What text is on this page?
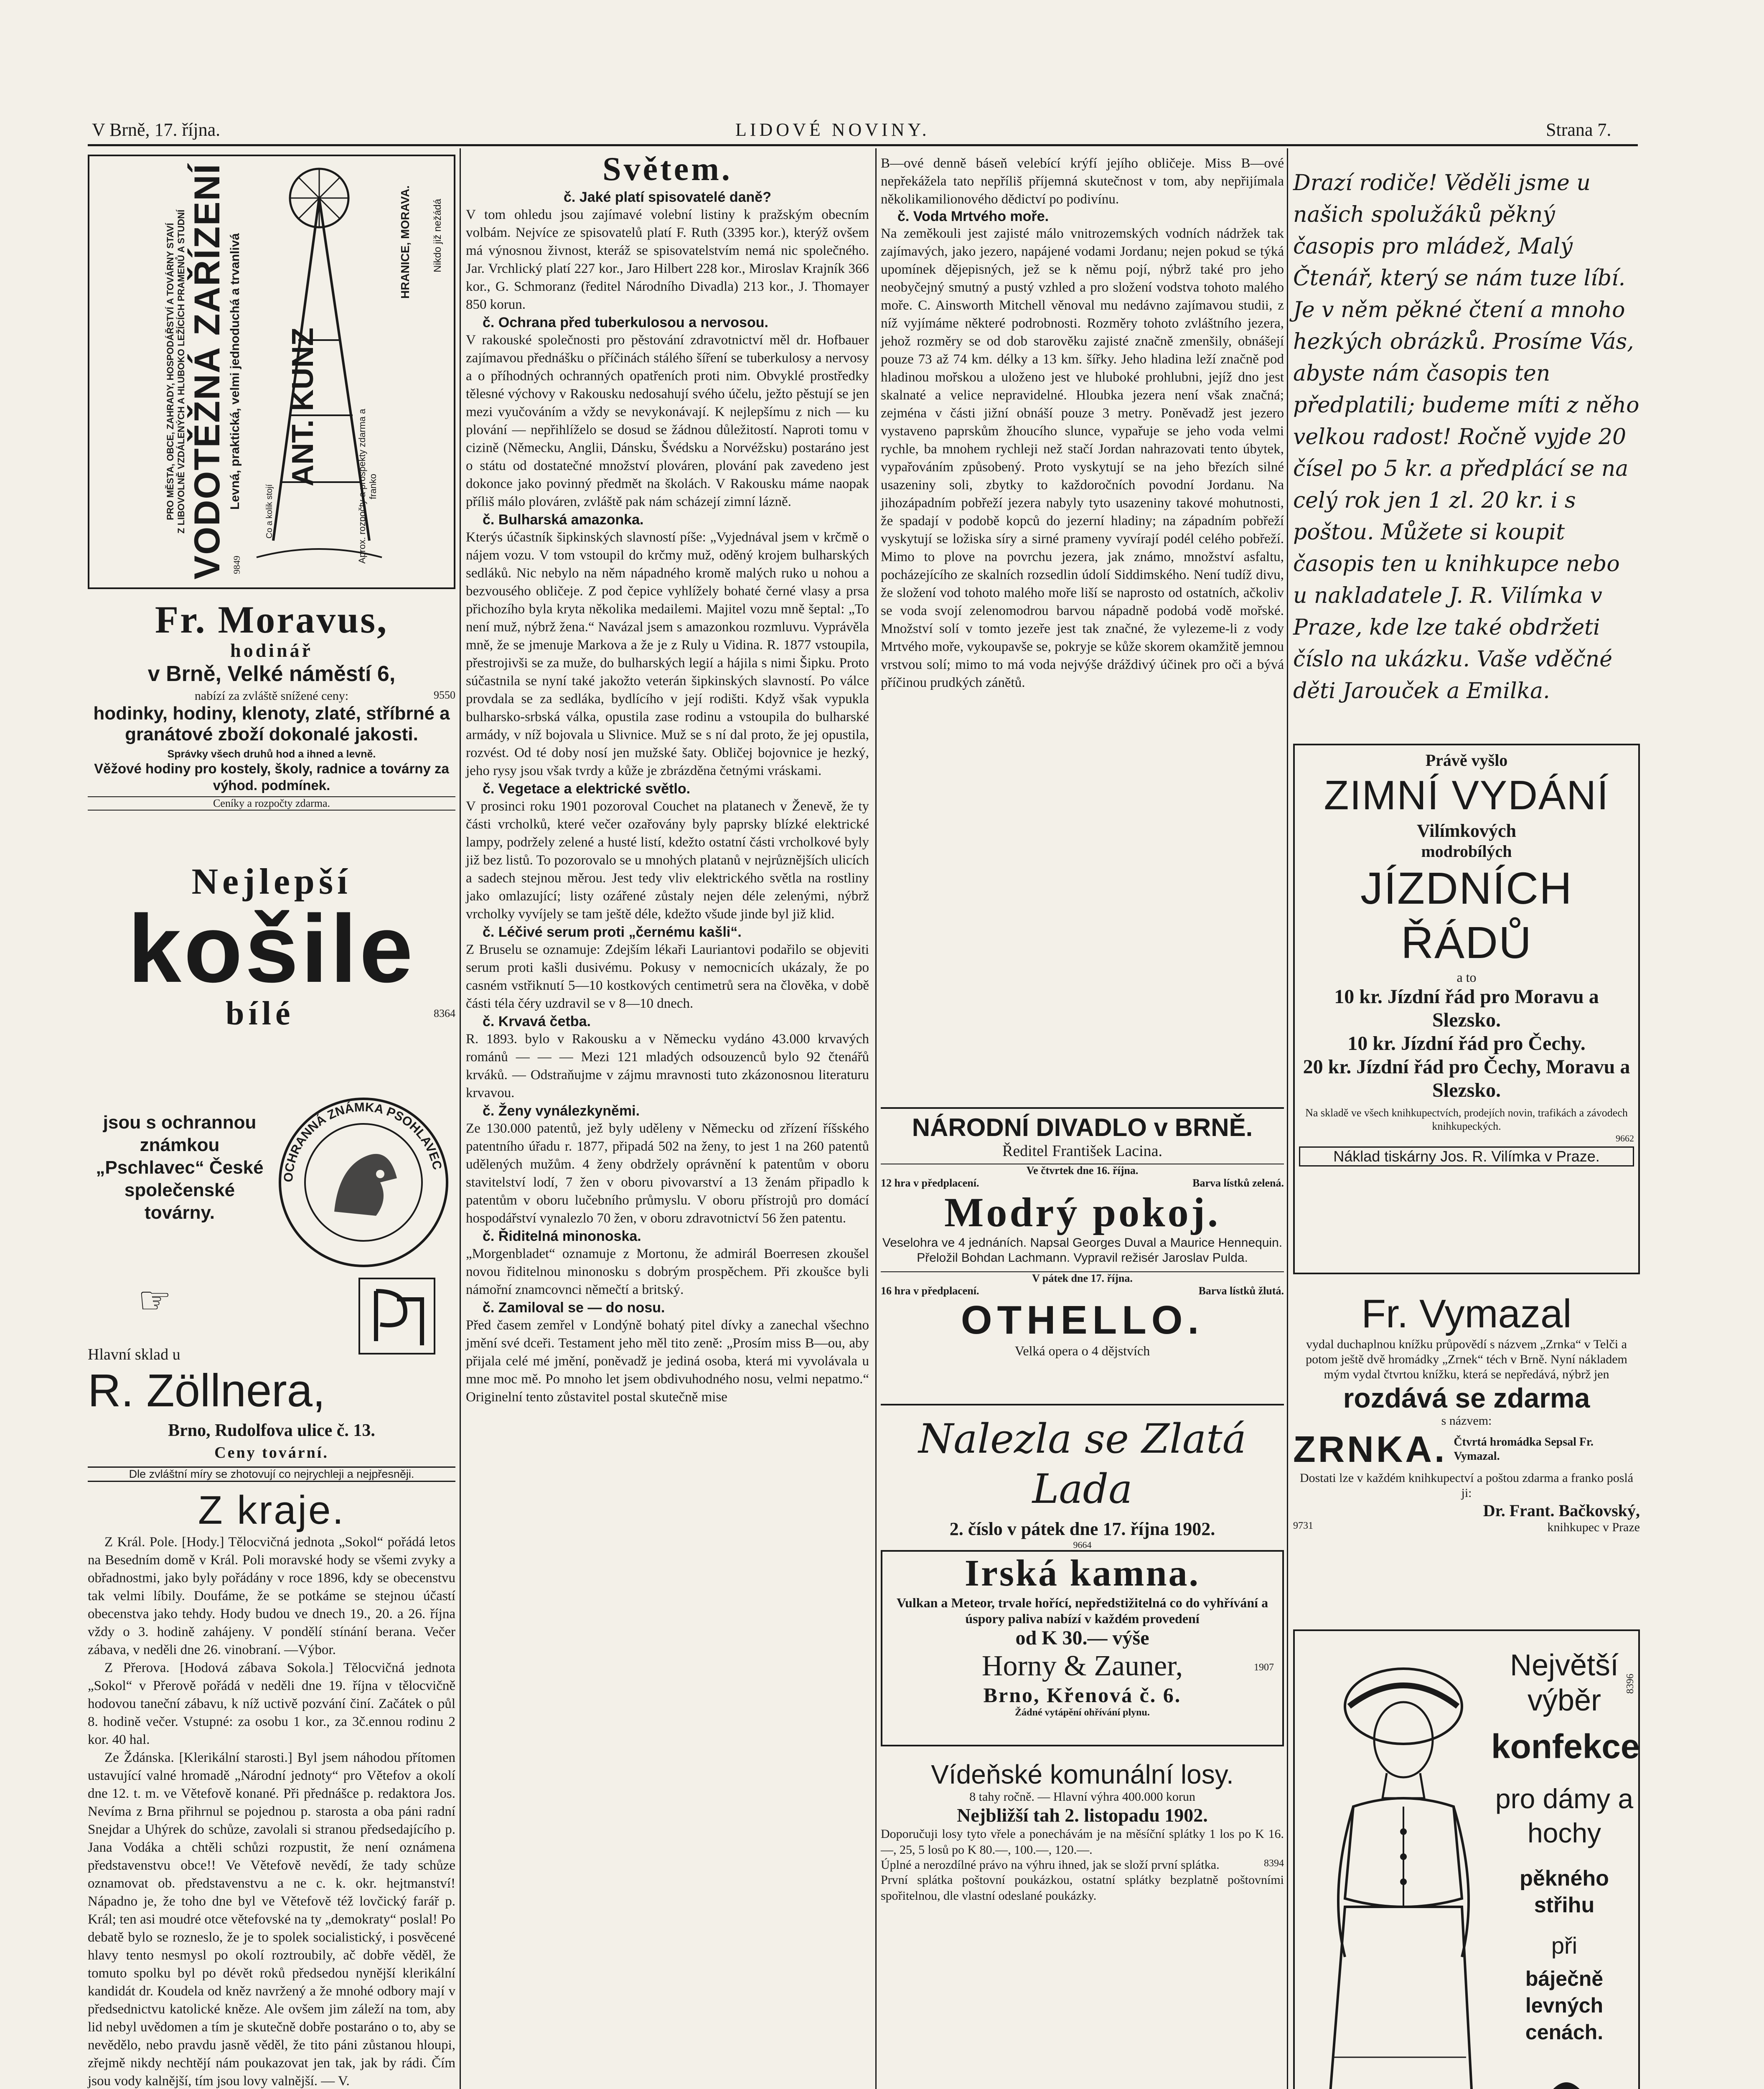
V Brně, 17. října.	LIDOVÉ NOVINY.	Strana 7.
Levná, praktická, velmi jednoduchá a trvanlivá
VODOTĚŽNÁ ZAŘÍZENÍ
Z LIBOVOLNĚ VZDÁLENÝCH A HLUBOKO LEŽÍCÍCH PRAMENŮ A STUDNÍ
PRO MĚSTA, OBCE, ZAHRADY, HOSPODÁŘSTVÍ A TOVÁRNY STAVÍ	ANT. KUNZ
HRANICE, MORAVA. Nikdo již nežádá
Co a kolik stojí	Aprox. rozpočty a prospekty zdarma a franko
9849
Fr. Moravus,
hodinář
v Brně, Velké náměstí 6,
nabízí za zvláště snížené ceny:	9550
hodinky, hodiny, klenoty, zlaté, stříbrné a granátové zboží dokonalé jakosti.
Správky všech druhů hod a ihned a levně.
Věžové hodiny pro kostely, školy, radnice a továrny za výhod. podmínek.
Ceníky a rozpočty zdarma.
Nejlepší
košile
bílé	8364
jsou s ochrannou známkou „Pschlavec“ České společenské továrny.
OCHRANNÁ ZNÁMKA PSOHLAVEC
☞
Hlavní sklad u
R. Zöllnera,
Brno, Rudolfova ulice č. 13.
Ceny tovární.
Dle zvláštní míry se zhotovují co nejrychleji a nejpřesněji.
Z kraje.

Z Král. Pole. [Hody.] Tělocvičná jednota „Sokol“ pořádá letos na Besedním domě v Král. Poli moravské hody se všemi zvyky a obřadnostmi, jako byly pořádány v roce 1896, kdy se obecenstvu tak velmi líbily. Doufáme, že se potkáme se stejnou účastí obecenstva jako tehdy. Hody budou ve dnech 19., 20. a 26. října vždy o 3. hodině zahájeny. V pondělí stínání berana. Večer zábava, v neděli dne 26. vinobraní. —Výbor.

Z Přerova. [Hodová zábava Sokola.] Tělocvičná jednota „Sokol“ v Přerově pořádá v neděli dne 19. října v tělocvičně hodovou taneční zábavu, k níž uctivě pozvání činí. Začátek o půl 8. hodině večer. Vstupné: za osobu 1 kor., za 3č.ennou rodinu 2 kor. 40 hal.

Ze Ždánska. [Klerikální starosti.] Byl jsem náhodou přítomen ustavující valné hromadě „Národní jednoty“ pro Větefov a okolí dne 12. t. m. ve Větefově konané. Při přednášce p. redaktora Jos. Nevíma z Brna přihrnul se pojednou p. starosta a oba páni radní Snejdar a Uhýrek do schůze, zavolali si stranou předsedajícího p. Jana Vodáka a chtěli schůzi rozpustit, že není oznámena představenstvu obce!! Ve Větefově nevědí, že tady schůze oznamovat ob. představenstvu a ne c. k. okr. hejtmanství! Nápadno je, že toho dne byl ve Větefově též lovčický farář p. Král; ten asi moudré otce větefovské na ty „demokraty“ poslal! Po debatě bylo se rozneslo, že je to spolek socialistický, i posvěcené hlavy tento nesmysl po okolí roztroubily, ač dobře věděl, že tomuto spolku byl po dévět roků předsedou nynější klerikální kandidát dr. Koudela od kněz navržený a že mnohé odbory mají v předsednictvu katolické kněze. Ale ovšem jim záleží na tom, aby lid nebyl uvědomen a tím je skutečně dobře postaráno o to, aby se nevědělo, nebo pravdu jasně věděl, že tito páni zůstanou hloupi, zřejmě nikdy nechtějí nám poukazovat jen tak, jak by rádi. Čím jsou vody kalnější, tím jsou lovy valnější. — V.

Světem.
č. Jaké platí spisovatelé daně?

V tom ohledu jsou zajímavé volební listiny k pražským obecním volbám. Nejvíce ze spisovatelů platí F. Ruth (3395 kor.), kterýž ovšem má výnosnou živnost, kteráž se spisovatelstvím nemá nic společného. Jar. Vrchlický platí 227 kor., Jaro Hilbert 228 kor., Miroslav Krajník 366 kor., G. Schmoranz (ředitel Národního Divadla) 213 kor., J. Thomayer 850 korun.

č. Ochrana před tuberkulosou a nervosou.

V rakouské společnosti pro pěstování zdravotnictví měl dr. Hofbauer zajímavou přednášku o příčinách stálého šíření se tuberkulosy a nervosy a o příhodných ochranných opatřeních proti nim. Obvyklé prostředky tělesné výchovy v Rakousku nedosahují svého účelu, ježto pěstují se jen mezi vyučováním a vždy se nevykonávají. K nejlepšímu z nich — ku plování — nepřihlíželo se dosud se žádnou důležitostí. Naproti tomu v cizině (Německu, Anglii, Dánsku, Švédsku a Norvéžsku) postaráno jest o státu od dostatečné množství plováren, plování pak zavedeno jest dokonce jako povinný předmět na školách. V Rakousku máme naopak příliš málo plováren, zvláště pak nám scházejí zimní lázně.

č. Bulharská amazonka.

Kterýs účastník šipkinských slavností píše: „Vyjednával jsem v krčmě o nájem vozu. V tom vstoupil do krčmy muž, oděný krojem bulharských sedláků. Nic nebylo na něm nápadného kromě malých ruko u nohou a bezvousého obličeje. Z pod čepice vyhlížely bohaté černé vlasy a prsa přichozího byla kryta několika medailemi. Majitel vozu mně šeptal: „To není muž, nýbrž žena.“ Navázal jsem s amazonkou rozmluvu. Vyprávěla mně, že se jmenuje Markova a že je z Ruly u Vidina. R. 1877 vstoupila, přestrojivši se za muže, do bulharských legií a hájila s nimi Šipku. Proto súčastnila se nyní také jakožto veterán šipkinských slavností. Po válce provdala se za sedláka, bydlícího v její rodišti. Když však vypukla bulharsko-srbská válka, opustila zase rodinu a vstoupila do bulharské armády, v níž bojovala u Slivnice. Muž se s ní dal proto, že jej opustila, rozvést. Od té doby nosí jen mužské šaty. Obličej bojovnice je hezký, jeho rysy jsou však tvrdy a kůže je zbrázděna četnými vráskami.

č. Vegetace a elektrické světlo.

V prosinci roku 1901 pozoroval Couchet na platanech v Ženevě, že ty části vrcholků, které večer ozařovány byly paprsky blízké elektrické lampy, podržely zelené a husté listí, kdežto ostatní části vrcholkové byly již bez listů. To pozorovalo se u mnohých platanů v nejrůznějších ulicích a sadech stejnou měrou. Jest tedy vliv elektrického světla na rostliny jako omlazující; listy ozářené zůstaly nejen déle zelenými, nýbrž vrcholky vyvíjely se tam ještě déle, kdežto všude jinde byl již klid.

č. Léčivé serum proti „černému kašli“.

Z Bruselu se oznamuje: Zdejším lékaři Lauriantovi podařilo se objeviti serum proti kašli dusivému. Pokusy v nemocnicích ukázaly, že po casném vstřiknutí 5—10 kostkových centimetrů sera na člověka, v době části téla čéry uzdravil se v 8—10 dnech.

č. Krvavá četba.

R. 1893. bylo v Rakousku a v Německu vydáno 43.000 krvavých románů — — — Mezi 121 mladých odsouzenců bylo 92 čtenářů krváků. — Odstraňujme v zájmu mravnosti tuto zkázonosnou literaturu krvavou.

č. Ženy vynálezkyněmi.

Ze 130.000 patentů, jež byly uděleny v Německu od zřízení říšského patentního úřadu r. 1877, připadá 502 na ženy, to jest 1 na 260 patentů udělených mužům. 4 ženy obdržely oprávnění k patentům v oboru stavitelství lodí, 7 žen v oboru pivovarství a 13 ženám připadlo k patentům v oboru lučebního průmyslu. V oboru přístrojů pro domácí hospodářství vynalezlo 70 žen, v oboru zdravotnictví 56 žen patentu.

č. Řiditelná minonoska.

„Morgenbladet“ oznamuje z Mortonu, že admirál Boerresen zkoušel novou řiditelnou minonosku s dobrým prospěchem. Při zkoušce byli námořní znamcovnci němečtí a britský.

č. Zamiloval se — do nosu.

Před časem zemřel v Londýně bohatý pitel dívky a zanechal všechno jmění své dceři. Testament jeho měl tito zeně: „Prosím miss B—ou, aby přijala celé mé jmění, poněvadž je jediná osoba, která mi vyvolávala u mne moc mě. Po mnoho let jsem obdivuhodného nosu, velmi nepatmo.“ Originelní tento zůstavitel postal skutečně mise

B—ové denně báseň velebící krýfí jejího obličeje. Miss B—ové nepřekážela tato nepříliš příjemná skutečnost v tom, aby nepřijímala několikamilionového dědictví po podivínu.

č. Voda Mrtvého moře.

Na zeměkouli jest zajisté málo vnitrozemských vodních nádržek tak zajímavých, jako jezero, napájené vodami Jordanu; nejen pokud se týká upomínek dějepisných, jež se k němu pojí, nýbrž také pro jeho neobyčejný smutný a pustý vzhled a pro složení vodstva tohoto malého moře. C. Ainsworth Mitchell věnoval mu nedávno zajímavou studii, z níž vyjímáme některé podrobnosti. Rozměry tohoto zvláštního jezera, jehož rozměry se od dob starověku zajisté značně zmenšily, obnášejí pouze 73 až 74 km. délky a 13 km. šířky. Jeho hladina leží značně pod hladinou mořskou a uloženo jest ve hluboké prohlubni, jejíž dno jest skalnaté a velice nepravidelné. Hloubka jezera není však značná; zejména v části jižní obnáší pouze 3 metry. Poněvadž jest jezero vystaveno paprskům žhoucího slunce, vypařuje se jeho voda velmi rychle, ba mnohem rychleji než stačí Jordan nahrazovati tento úbytek, vypařováním způsobený. Proto vyskytují se na jeho březích silné usazeniny soli, zbytky to každoročních povodní Jordanu. Na jihozápadním pobřeží jezera nabyly tyto usazeniny takové mohutnosti, že spadají v podobě kopců do jezerní hladiny; na západním pobřeží vyskytují se ložiska síry a sirné prameny vyvírají podél celého pobřeží. Mimo to plove na povrchu jezera, jak známo, množství asfaltu, pocházejícího ze skalních rozsedlin údolí Siddimského. Není tudíž divu, že složení vod tohoto malého moře liší se naprosto od ostatních, ačkoliv se voda svojí zelenomodrou barvou nápadně podobá vodě mořské. Množství solí v tomto jezeře jest tak značné, že vylezeme-li z vody Mrtvého moře, vykoupavše se, pokryje se kůže skorem okamžitě jemnou vrstvou solí; mimo to má voda nejvýše dráždivý účinek pro oči a bývá příčinou prudkých zánětů.

NÁRODNÍ DIVADLO v BRNĚ.
Ředitel František Lacina.
Ve čtvrtek dne 16. října.
12 hra v předplacení.	Barva lístků zelená.
Modrý pokoj.
Veselohra ve 4 jednáních. Napsal Georges Duval a Maurice Hennequin. Přeložil Bohdan Lachmann. Vypravil režisér Jaroslav Pulda.
V pátek dne 17. října.
16 hra v předplacení.	Barva lístků žlutá.
OTHELLO.
Velká opera o 4 dějstvích
Nalezla se Zlatá Lada
2. číslo v pátek dne 17. října 1902.
9664
Irská kamna.
Vulkan a Meteor, trvale hořící, nepředstižitelná co do vyhřívání a úspory paliva nabízí v každém provedení
od K 30.— výše
Horny & Zauner,	1907
Brno, Křenová č. 6.
Žádné vytápění ohřívání plynu.
Vídeňské komunální losy.
8 tahy ročně. — Hlavní výhra 400.000 korun
Nejbližší tah 2. listopadu 1902.

Doporučuji losy tyto vřele a ponechávám je na měsíční splátky 1 los po K 16.—, 25, 5 losů po K 80.—, 100.—, 120.—.

Úplné a nerozdílné právo na výhru ihned, jak se složí první splátka.	8394

První splátka poštovní poukázkou, ostatní splátky bezplatně poštovními spořitelnou, dle vlastní odeslané poukázky.

Drazí rodiče! Věděli jsme u našich spolužáků pěkný časopis pro mládež, Malý Čtenář, který se nám tuze líbí. Je v něm pěkné čtení a mnoho hezkých obrázků. Prosíme Vás, abyste nám časopis ten předplatili; budeme míti z něho velkou radost! Ročně vyjde 20 čísel po 5 kr. a předplácí se na celý rok jen 1 zl. 20 kr. i s poštou. Můžete si koupit časopis ten u knihkupce nebo u nakladatele J. R. Vilímka v Praze, kde lze také obdržeti číslo na ukázku. Vaše vděčné děti Jarouček a Emilka.
Právě vyšlo
ZIMNÍ VYDÁNÍ
Vilímkových
modrobílých
JÍZDNÍCH ŘÁDŮ
a to
10 kr. Jízdní řád pro Moravu a Slezsko.
10 kr. Jízdní řád pro Čechy.
20 kr. Jízdní řád pro Čechy, Moravu a Slezsko.
Na skladě ve všech knihkupectvích, prodejích novin, trafikách a závodech knihkupeckých.
9662
Náklad tiskárny Jos. R. Vilímka v Praze.
Fr. Vymazal

vydal duchaplnou knížku průpovědí s názvem „Zrnka“ v Telči a potom ještě dvě hromádky „Zrnek“ téch v Brně. Nyní nákladem mým vydal čtvrtou knížku, která se nepředává, nýbrž jen

rozdává se zdarma
s názvem:
ZRNKA. Čtvrtá hromádka Sepsal Fr. Vymazal.

Dostati lze v každém knihkupectví a poštou zdarma a franko poslá ji:

Dr. Frant. Bačkovský,
9731	knihkupec v Praze
Největší výběr	8396
konfekce
pro dámy a hochy
pěkného střihu
při
báječně levných cenách.
